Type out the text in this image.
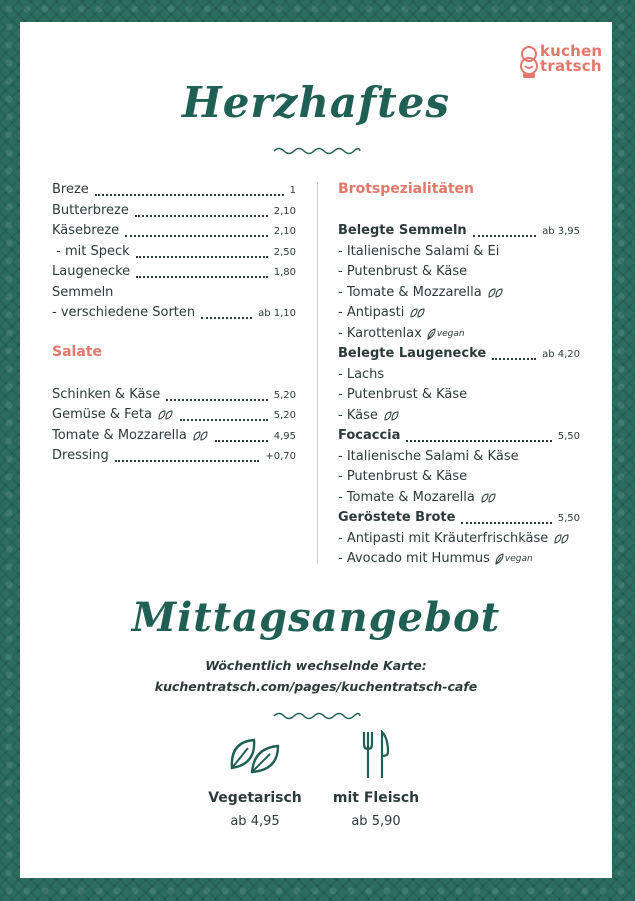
kuchen
tratsch
Herzhaftes
Breze	1
Butterbreze	2,10
Käsebreze	2,10
- mit Speck	2,50
Laugenecke	1,80
Semmeln
- verschiedene Sorten	ab 1,10
Salate
Schinken & Käse	5,20
Gemüse & Feta	5,20
Tomate & Mozzarella	4,95
Dressing	+0,70
Brotspezialitäten
Belegte Semmeln	ab 3,95
- Italienische Salami & Ei
- Putenbrust & Käse
- Tomate & Mozzarella
- Antipasti
- Karottenlax vegan
Belegte Laugenecke	ab 4,20
- Lachs
- Putenbrust & Käse
- Käse
Focaccia	5,50
- Italienische Salami & Käse
- Putenbrust & Käse
- Tomate & Mozarella
Geröstete Brote	5,50
- Antipasti mit Kräuterfrischkäse
- Avocado mit Hummus vegan
Mittagsangebot
Wöchentlich wechselnde Karte:
kuchentratsch.com/pages/kuchentratsch-cafe
Vegetarisch
ab 4,95
mit Fleisch
ab 5,90
